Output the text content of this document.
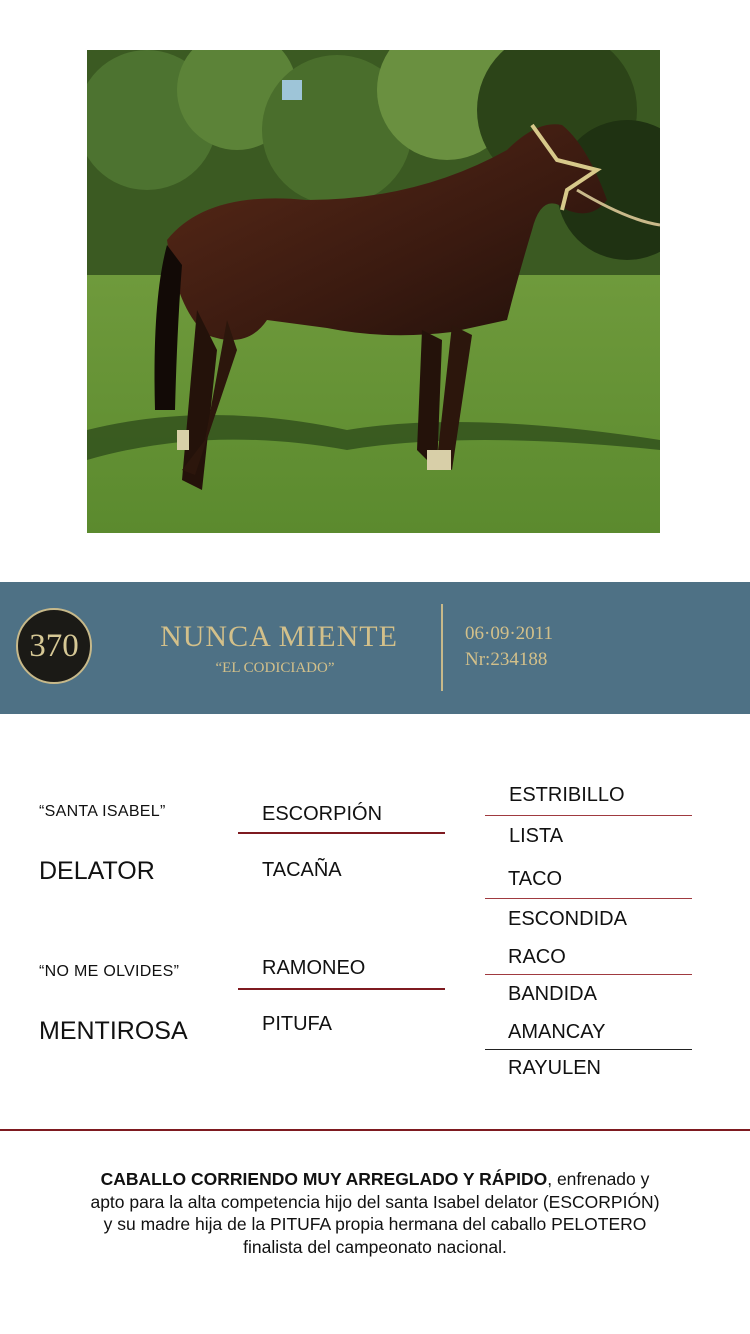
370	NUNCA MIENTE
“EL CODICIADO”
06·09·2011
Nr:234188
“SANTA ISABEL”
DELATOR
ESCORPIÓN
TACAÑA
“NO ME OLVIDES”
MENTIROSA
RAMONEO
PITUFA
ESTRIBILLO
LISTA
TACO
ESCONDIDA
RACO
BANDIDA
AMANCAY
RAYULEN
CABALLO CORRIENDO MUY ARREGLADO Y RÁPIDO, enfrenado y apto para la alta competencia hijo del santa Isabel delator (ESCORPIÓN) y su madre hija de la PITUFA propia hermana del caballo PELOTERO finalista del campeonato nacional.
